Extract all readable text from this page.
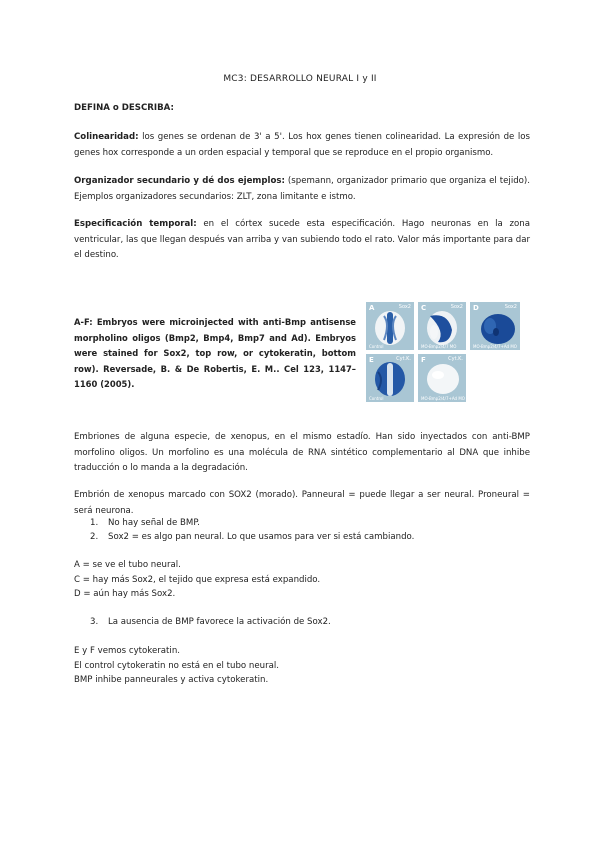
MC3: DESARROLLO NEURAL I y II
DEFINA o DESCRIBA:
Colinearidad: los genes se ordenan de 3' a 5'. Los hox genes tienen colinearidad. La expresión de los genes hox corresponde a un orden espacial y temporal que se reproduce en el propio organismo.
Organizador secundario y dé dos ejemplos: (spemann, organizador primario que organiza el tejido). Ejemplos organizadores secundarios: ZLT, zona limitante e istmo.
Especificación temporal: en el córtex sucede esta especificación. Hago neuronas en la zona ventricular, las que llegan después van arriba y van subiendo todo el rato. Valor más importante para dar el destino.
A-F: Embryos were microinjected with anti-Bmp antisense morpholino oligos (Bmp2, Bmp4, Bmp7 and Ad). Embryos were stained for Sox2, top row, or cytokeratin, bottom row). Reversade, B. & De Robertis, E. M.. Cel 123, 1147–1160 (2005).
A	Sox2
Control
C	Sox2
MO-Bmp2/4/7 MO
D	Sox2
MO-Bmp2/4/7+Ad MO
E	Cyt.K.
Control
F	Cyt.K.
MO-Bmp2/4/7+Ad MO
Embriones de alguna especie, de xenopus, en el mismo estadío. Han sido inyectados con anti-BMP morfolino oligos. Un morfolino es una molécula de RNA sintético complementario al DNA que inhibe traducción o lo manda a la degradación.
Embrión de xenopus marcado con SOX2 (morado). Panneural = puede llegar a ser neural. Proneural = será neurona.
1. No hay señal de BMP.
2. Sox2 = es algo pan neural. Lo que usamos para ver si está cambiando.
A = se ve el tubo neural.
C = hay más Sox2, el tejido que expresa está expandido.
D = aún hay más Sox2.
3. La ausencia de BMP favorece la activación de Sox2.
E y F vemos cytokeratin.
El control cytokeratin no está en el tubo neural.
BMP inhibe panneurales y activa cytokeratin.
